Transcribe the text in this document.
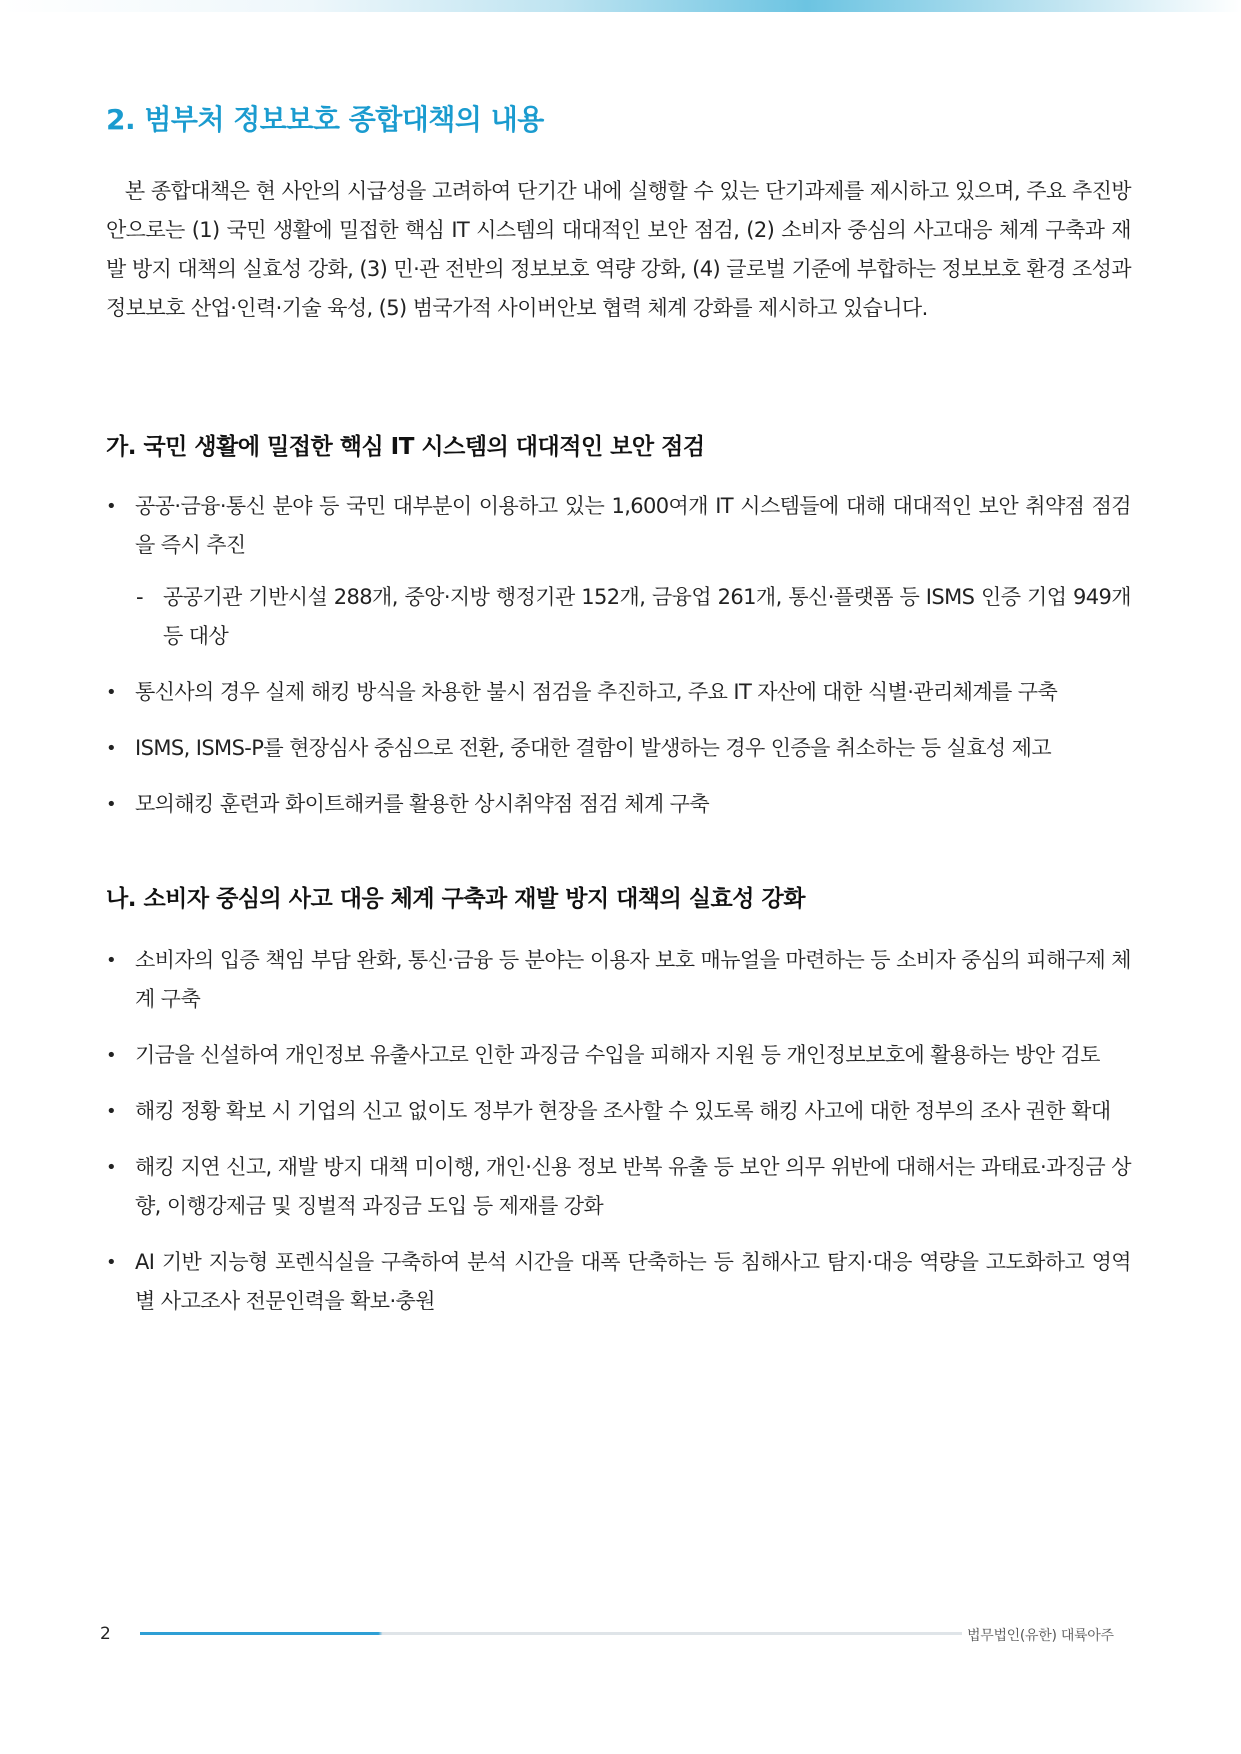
2. 범부처 정보보호 종합대책의 내용

본 종합대책은 현 사안의 시급성을 고려하여 단기간 내에 실행할 수 있는 단기과제를 제시하고 있으며, 주요 추진방안으로는 (1) 국민 생활에 밀접한 핵심 IT 시스템의 대대적인 보안 점검, (2) 소비자 중심의 사고대응 체계 구축과 재발 방지 대책의 실효성 강화, (3) 민·관 전반의 정보보호 역량 강화, (4) 글로벌 기준에 부합하는 정보보호 환경 조성과 정보보호 산업·인력·기술 육성, (5) 범국가적 사이버안보 협력 체계 강화를 제시하고 있습니다.

가. 국민 생활에 밀접한 핵심 IT 시스템의 대대적인 보안 점검
• 공공·금융·통신 분야 등 국민 대부분이 이용하고 있는 1,600여개 IT 시스템들에 대해 대대적인 보안 취약점 점검을 즉시 추진
- 공공기관 기반시설 288개, 중앙·지방 행정기관 152개, 금융업 261개, 통신·플랫폼 등 ISMS 인증 기업 949개 등 대상
• 통신사의 경우 실제 해킹 방식을 차용한 불시 점검을 추진하고, 주요 IT 자산에 대한 식별·관리체계를 구축
• ISMS, ISMS-P를 현장심사 중심으로 전환, 중대한 결함이 발생하는 경우 인증을 취소하는 등 실효성 제고
• 모의해킹 훈련과 화이트해커를 활용한 상시취약점 점검 체계 구축
나. 소비자 중심의 사고 대응 체계 구축과 재발 방지 대책의 실효성 강화
• 소비자의 입증 책임 부담 완화, 통신·금융 등 분야는 이용자 보호 매뉴얼을 마련하는 등 소비자 중심의 피해구제 체계 구축
• 기금을 신설하여 개인정보 유출사고로 인한 과징금 수입을 피해자 지원 등 개인정보보호에 활용하는 방안 검토
• 해킹 정황 확보 시 기업의 신고 없이도 정부가 현장을 조사할 수 있도록 해킹 사고에 대한 정부의 조사 권한 확대
• 해킹 지연 신고, 재발 방지 대책 미이행, 개인·신용 정보 반복 유출 등 보안 의무 위반에 대해서는 과태료·과징금 상향, 이행강제금 및 징벌적 과징금 도입 등 제재를 강화
• AI 기반 지능형 포렌식실을 구축하여 분석 시간을 대폭 단축하는 등 침해사고 탐지·대응 역량을 고도화하고 영역별 사고조사 전문인력을 확보·충원
2	법무법인(유한) 대륙아주
